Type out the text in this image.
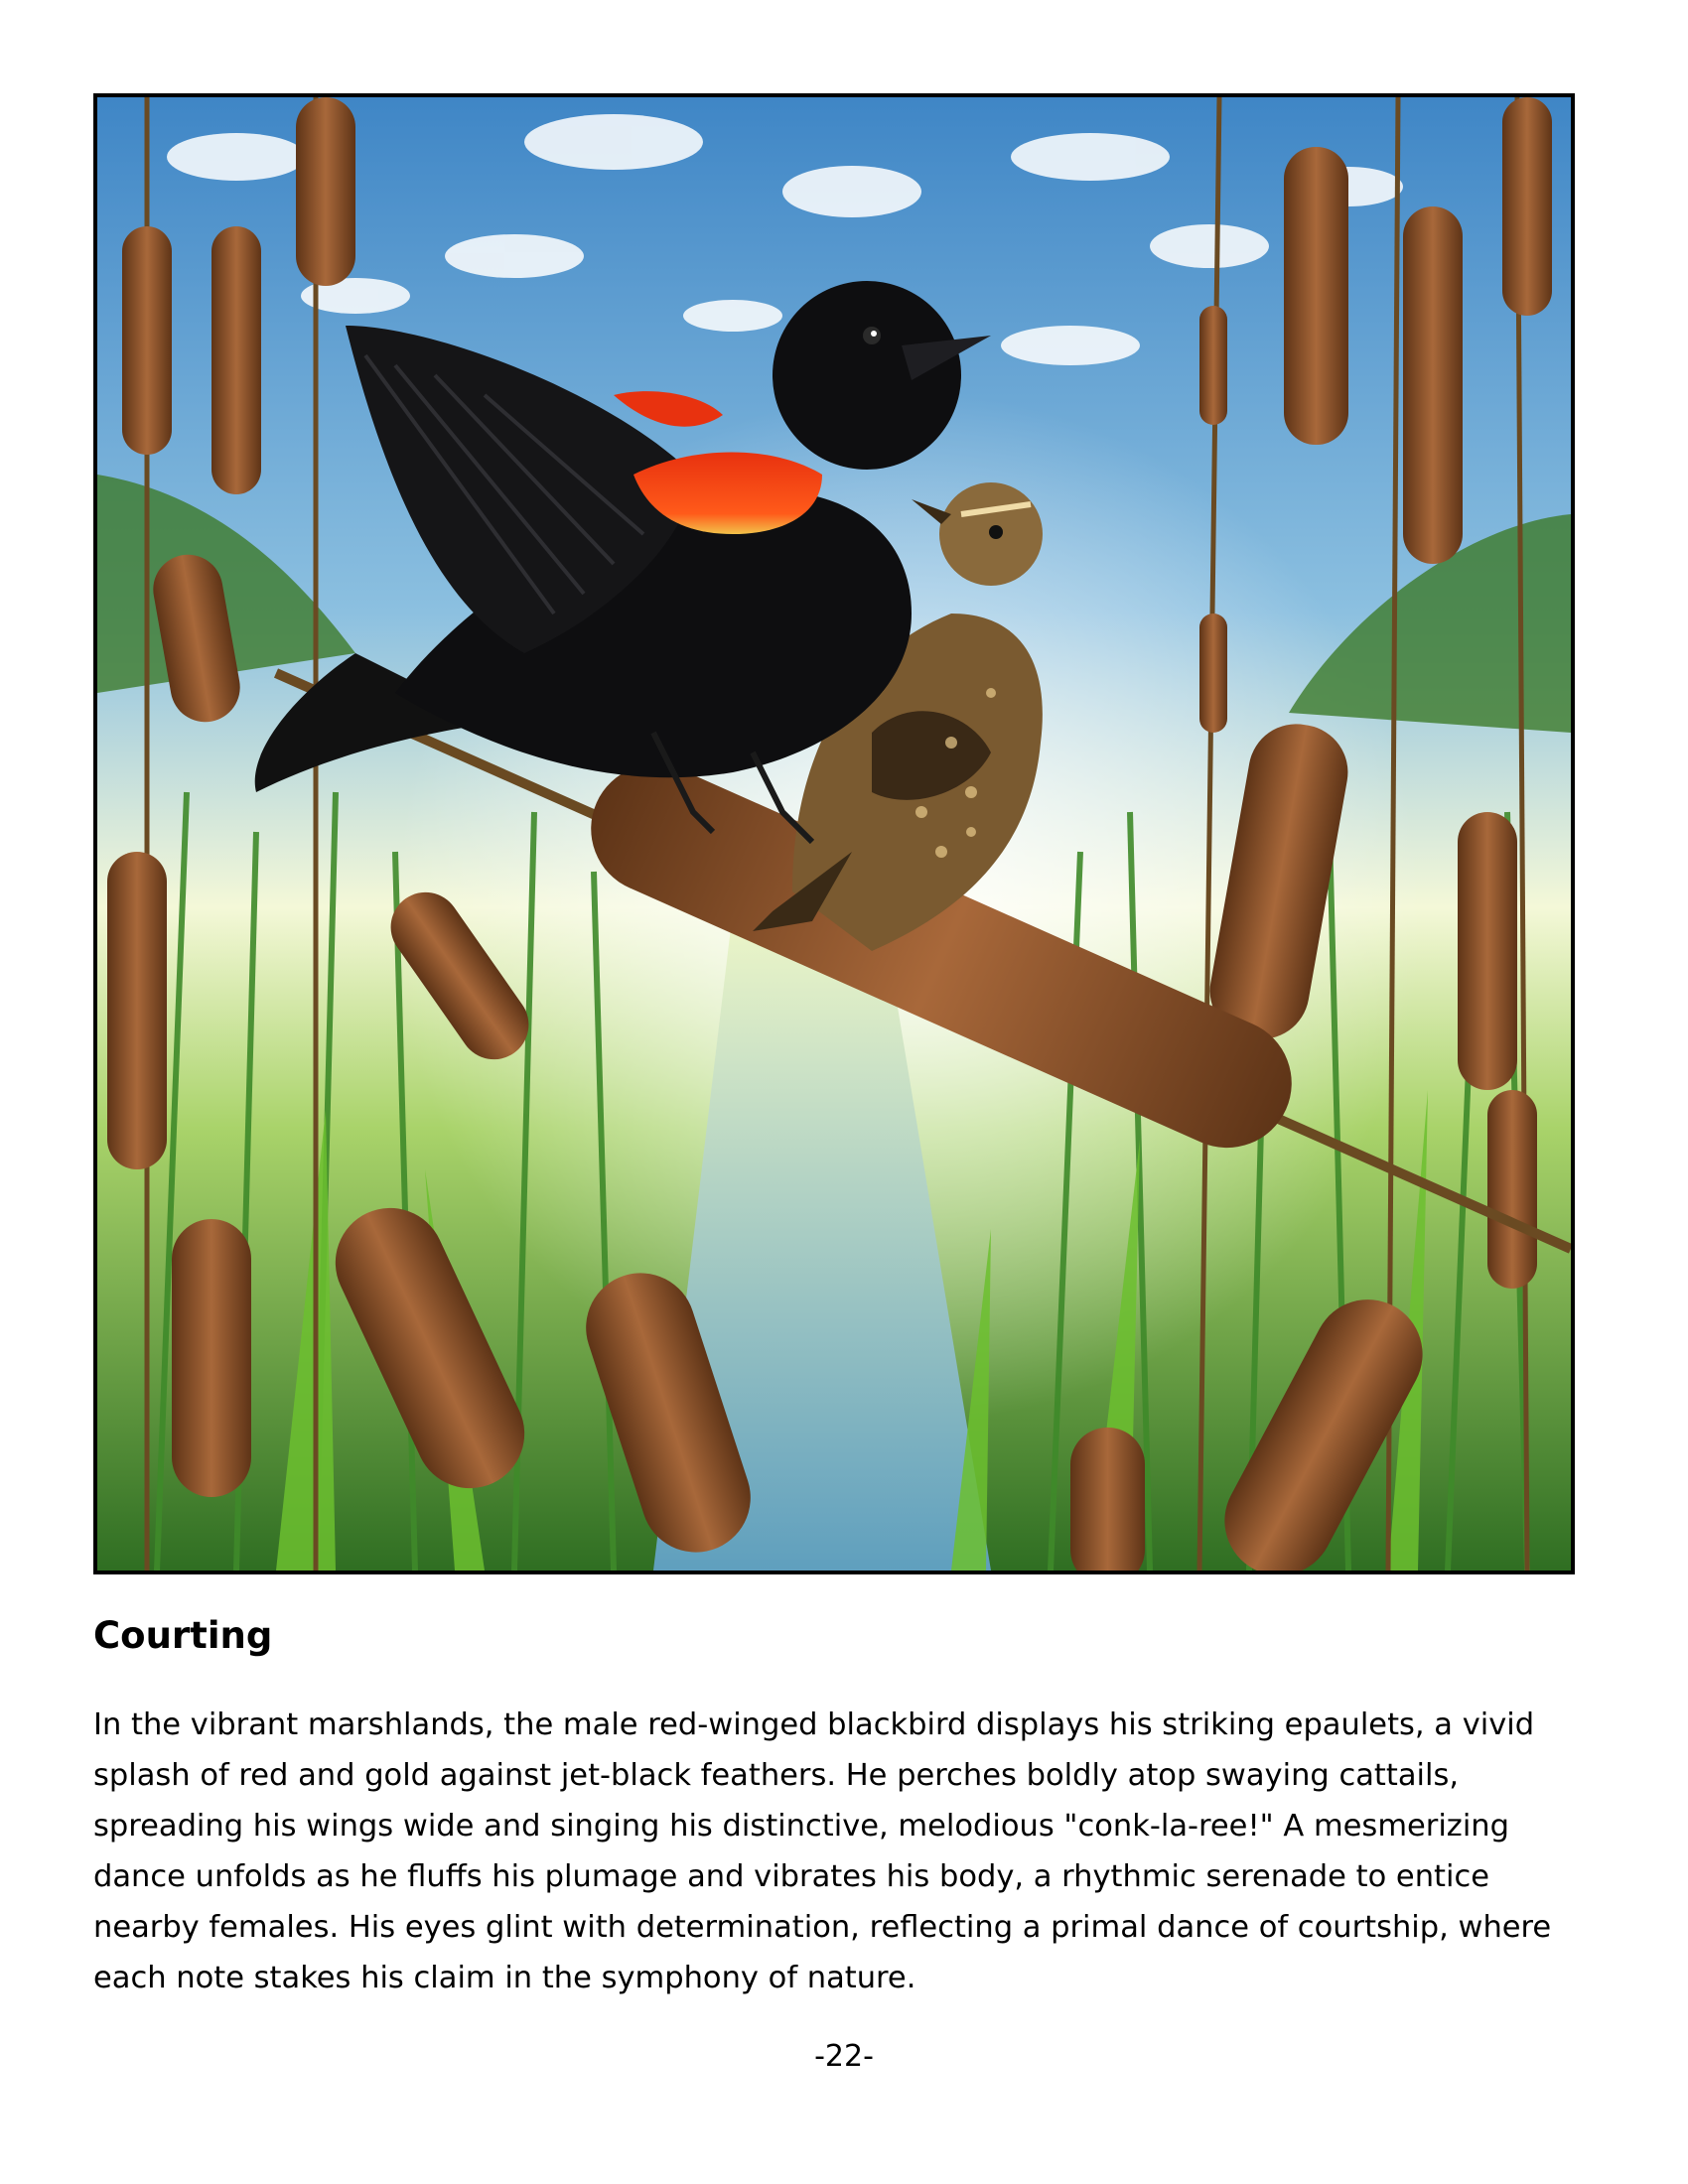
Courting

In the vibrant marshlands, the male red-winged blackbird displays his striking epaulets, a vivid splash of red and gold against jet-black feathers. He perches boldly atop swaying cattails, spreading his wings wide and singing his distinctive, melodious "conk-la-ree!" A mesmerizing dance unfolds as he fluffs his plumage and vibrates his body, a rhythmic serenade to entice nearby females. His eyes glint with determination, reflecting a primal dance of courtship, where each note stakes his claim in the symphony of nature.

-22-
